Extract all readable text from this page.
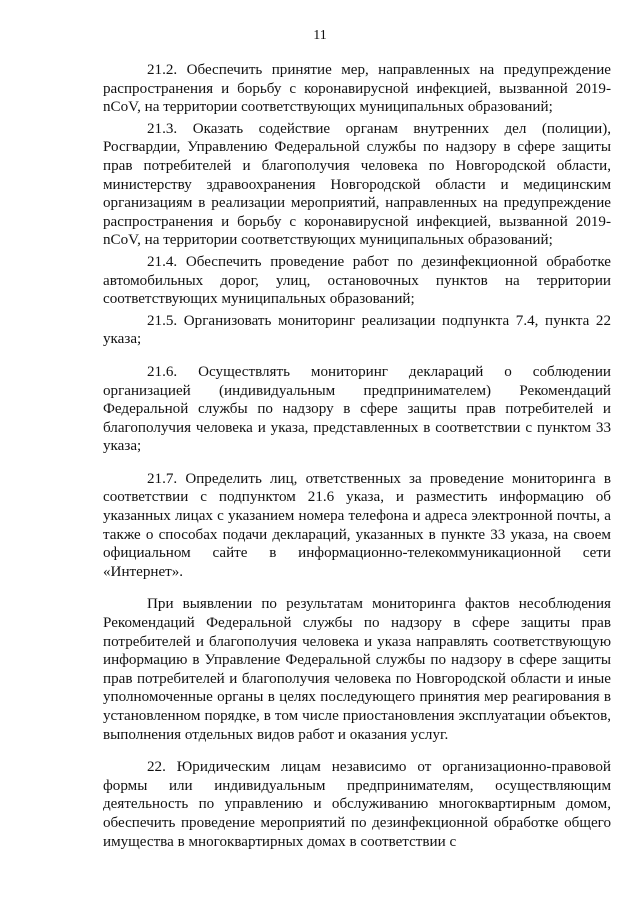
11

21.2. Обеспечить принятие мер, направленных на предупреждение распространения и борьбу с коронавирусной инфекцией, вызванной 2019-nCoV, на территории соответствующих муниципальных образований;

21.3. Оказать содействие органам внутренних дел (полиции), Росгвардии, Управлению Федеральной службы по надзору в сфере защиты прав потребителей и благополучия человека по Новгородской области, министерству здравоохранения Новгородской области и медицинским организациям в реализации мероприятий, направленных на предупреждение распространения и борьбу с коронавирусной инфекцией, вызванной 2019-nCoV, на территории соответствующих муниципальных образований;

21.4. Обеспечить проведение работ по дезинфекционной обработке автомобильных дорог, улиц, остановочных пунктов на территории соответствующих муниципальных образований;

21.5. Организовать мониторинг реализации подпункта 7.4, пункта 22 указа;

21.6. Осуществлять мониторинг деклараций о соблюдении организацией (индивидуальным предпринимателем) Рекомендаций Федеральной службы по надзору в сфере защиты прав потребителей и благополучия человека и указа, представленных в соответствии с пунктом 33 указа;

21.7. Определить лиц, ответственных за проведение мониторинга в соответствии с подпунктом 21.6 указа, и разместить информацию об указанных лицах с указанием номера телефона и адреса электронной почты, а также о способах подачи деклараций, указанных в пункте 33 указа, на своем официальном сайте в информационно-телекоммуникационной сети «Интернет».

При выявлении по результатам мониторинга фактов несоблюдения Рекомендаций Федеральной службы по надзору в сфере защиты прав потребителей и благополучия человека и указа направлять соответствующую информацию в Управление Федеральной службы по надзору в сфере защиты прав потребителей и благополучия человека по Новгородской области и иные уполномоченные органы в целях последующего принятия мер реагирования в установленном порядке, в том числе приостановления эксплуатации объектов, выполнения отдельных видов работ и оказания услуг.

22. Юридическим лицам независимо от организационно-правовой формы или индивидуальным предпринимателям, осуществляющим деятельность по управлению и обслуживанию многоквартирным домом, обеспечить проведение мероприятий по дезинфекционной обработке общего имущества в многоквартирных домах в соответствии с
